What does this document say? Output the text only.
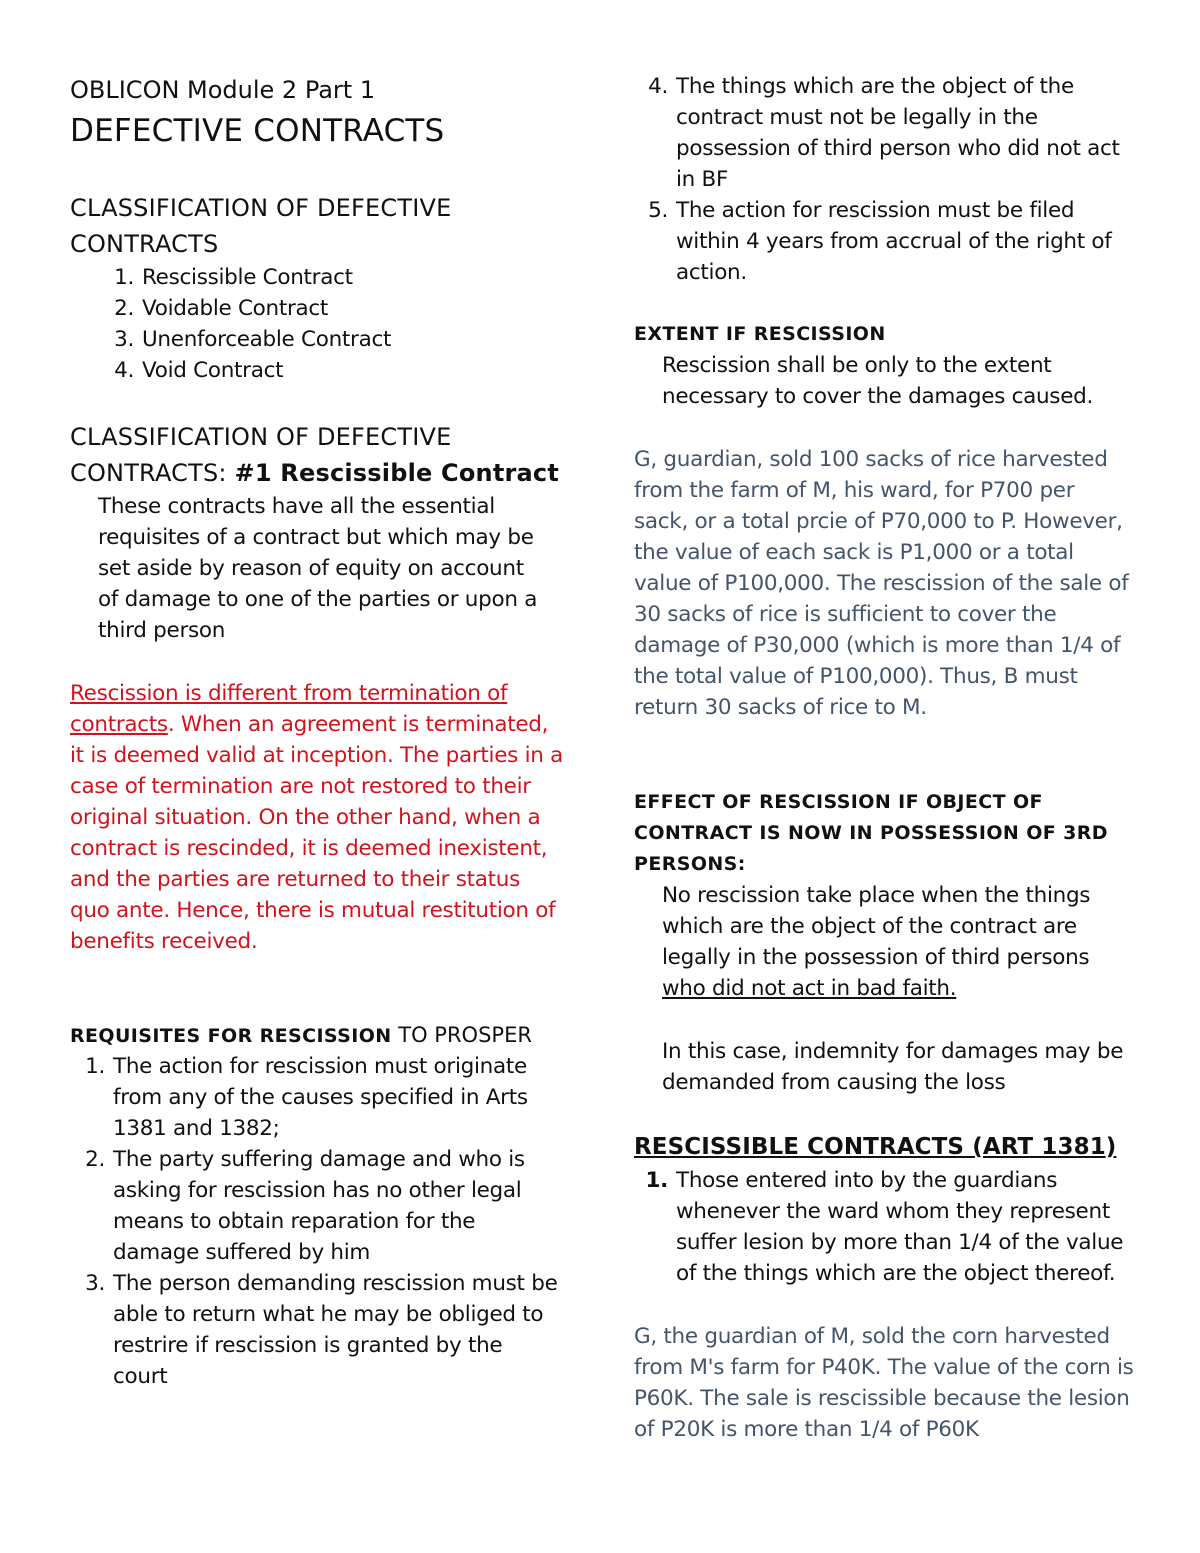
OBLICON Module 2 Part 1
DEFECTIVE CONTRACTS
CLASSIFICATION OF DEFECTIVE CONTRACTS
1. Rescissible Contract
2. Voidable Contract
3. Unenforceable Contract
4. Void Contract
CLASSIFICATION OF DEFECTIVE
CONTRACTS: #1 Rescissible Contract
These contracts have all the essential requisites of a contract but which may be set aside by reason of equity on account of damage to one of the parties or upon a third person
Rescission is different from termination of contracts. When an agreement is terminated, it is deemed valid at inception. The parties in a case of termination are not restored to their original situation. On the other hand, when a contract is rescinded, it is deemed inexistent, and the parties are returned to their status quo ante. Hence, there is mutual restitution of benefits received.
REQUISITES FOR RESCISSION TO PROSPER
1. The action for rescission must originate from any of the causes specified in Arts 1381 and 1382;
2. The party suffering damage and who is asking for rescission has no other legal means to obtain reparation for the damage suffered by him
3. The person demanding rescission must be able to return what he may be obliged to restrire if rescission is granted by the court
4. The things which are the object of the contract must not be legally in the possession of third person who did not act in BF
5. The action for rescission must be filed within 4 years from accrual of the right of action.
EXTENT IF RESCISSION
Rescission shall be only to the extent necessary to cover the damages caused.
G, guardian, sold 100 sacks of rice harvested from the farm of M, his ward, for P700 per sack, or a total prcie of P70,000 to P. However, the value of each sack is P1,000 or a total value of P100,000. The rescission of the sale of 30 sacks of rice is sufficient to cover the damage of P30,000 (which is more than 1/4 of the total value of P100,000). Thus, B must return 30 sacks of rice to M.
EFFECT OF RESCISSION IF OBJECT OF CONTRACT IS NOW IN POSSESSION OF 3RD PERSONS:
No rescission take place when the things which are the object of the contract are legally in the possession of third persons who did not act in bad faith.
In this case, indemnity for damages may be demanded from causing the loss
RESCISSIBLE CONTRACTS (ART 1381)
1. Those entered into by the guardians whenever the ward whom they represent suffer lesion by more than 1/4 of the value of the things which are the object thereof.
G, the guardian of M, sold the corn harvested from M's farm for P40K. The value of the corn is P60K. The sale is rescissible because the lesion of P20K is more than 1/4 of P60K
